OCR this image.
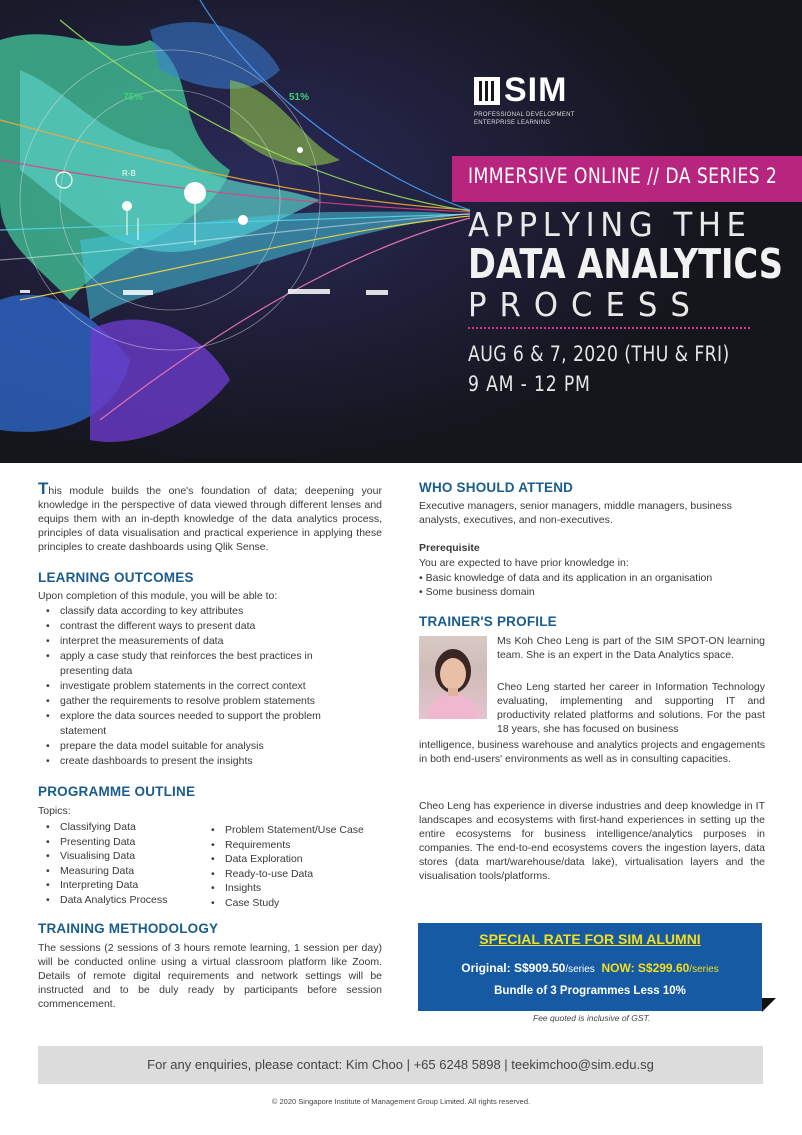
75%	51%
R-B
SIM
PROFESSIONAL DEVELOPMENT
ENTERPRISE LEARNING
IMMERSIVE ONLINE // DA SERIES 2
APPLYING THE
DATA ANALYTICS
PROCESS
AUG 6 & 7, 2020 (THU & FRI)
9 AM - 12 PM
This module builds the one's foundation of data; deepening your knowledge in the perspective of data viewed through different lenses and equips them with an in-depth knowledge of the data analytics process, principles of data visualisation and practical experience in applying these principles to create dashboards using Qlik Sense.
LEARNING OUTCOMES
Upon completion of this module, you will be able to:
• classify data according to key attributes
• contrast the different ways to present data
• interpret the measurements of data
• apply a case study that reinforces the best practices in
presenting data
• investigate problem statements in the correct context
• gather the requirements to resolve problem statements
• explore the data sources needed to support the problem
statement
• prepare the data model suitable for analysis
• create dashboards to present the insights
PROGRAMME OUTLINE
Topics:
• Classifying Data
• Presenting Data
• Visualising Data
• Measuring Data
• Interpreting Data
• Data Analytics Process
• Problem Statement/Use Case
• Requirements
• Data Exploration
• Ready-to-use Data
• Insights
• Case Study
TRAINING METHODOLOGY
The sessions (2 sessions of 3 hours remote learning, 1 session per day) will be conducted online using a virtual classroom platform like Zoom. Details of remote digital requirements and network settings will be instructed and to be duly ready by participants before session commencement.
WHO SHOULD ATTEND
Executive managers, senior managers, middle managers, business analysts, executives, and non-executives.
Prerequisite
You are expected to have prior knowledge in:
• Basic knowledge of data and its application in an organisation
• Some business domain
TRAINER'S PROFILE
Ms Koh Cheo Leng is part of the SIM SPOT-ON learning team. She is an expert in the Data Analytics space.
Cheo Leng started her career in Information Technology evaluating, implementing and supporting IT and productivity related platforms and solutions. For the past 18 years, she has focused on business
intelligence, business warehouse and analytics projects and engagements in both end-users' environments as well as in consulting capacities.
Cheo Leng has experience in diverse industries and deep knowledge in IT landscapes and ecosystems with first-hand experiences in setting up the entire ecosystems for business intelligence/analytics purposes in companies. The end-to-end ecosystems covers the ingestion layers, data stores (data mart/warehouse/data lake), virtualisation layers and the visualisation tools/platforms.
SPECIAL RATE FOR SIM ALUMNI
Original: S$909.50/series NOW: S$299.60/series
Bundle of 3 Programmes Less 10%
Fee quoted is inclusive of GST.
For any enquiries, please contact: Kim Choo | +65 6248 5898 | teekimchoo@sim.edu.sg
© 2020 Singapore Institute of Management Group Limited. All rights reserved.
